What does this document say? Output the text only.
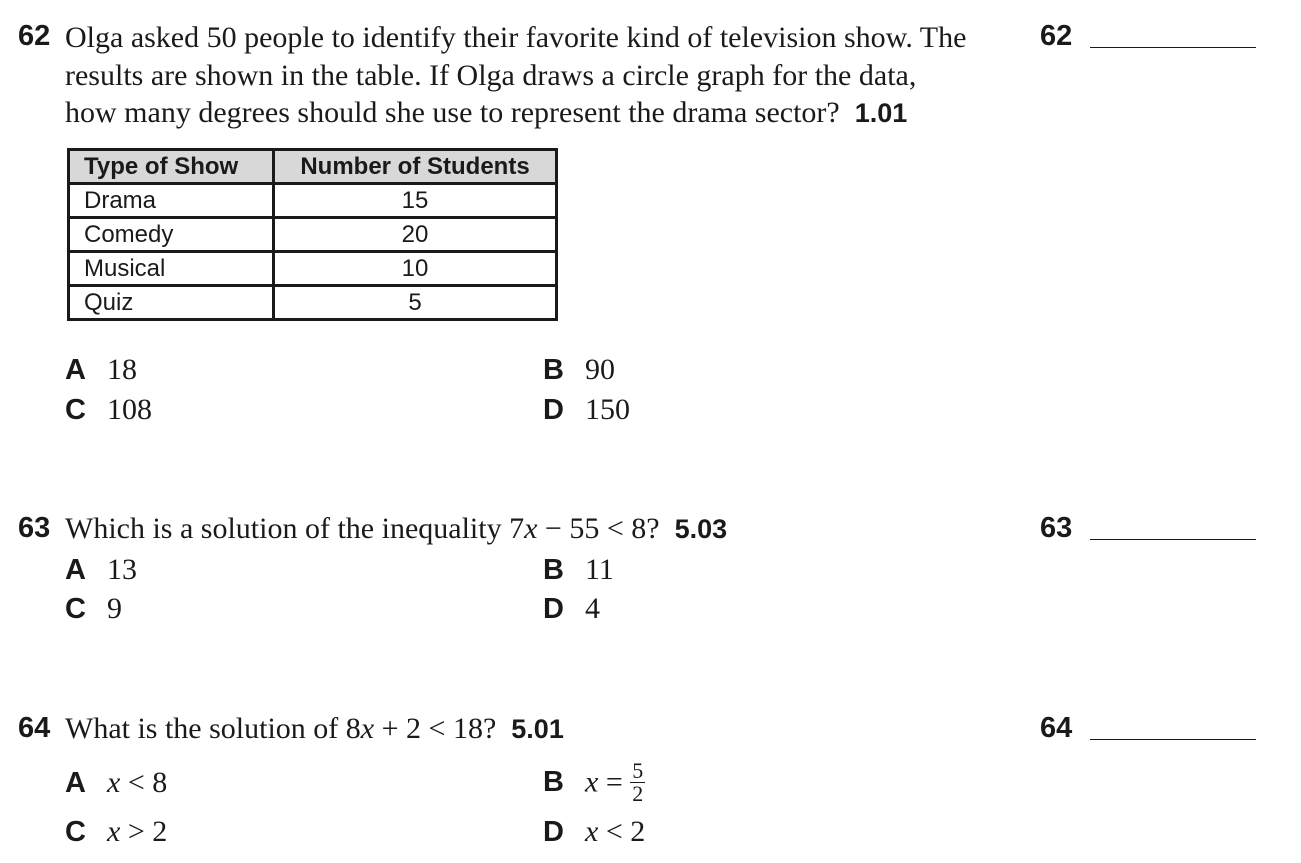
62 Olga asked 50 people to identify their favorite kind of television show. The
results are shown in the table. If Olga draws a circle graph for the data,
how many degrees should she use to represent the drama sector? 1.01
Type of Show	Number of Students
Drama	15
Comedy	20
Musical	10
Quiz	5
A 18	B 90
C 108	D 150
62
63 Which is a solution of the inequality 7x − 55 < 8? 5.03
A 13	B 11
C 9	D 4
63
64 What is the solution of 8x + 2 < 18? 5.01
A x < 8	B $x = \frac{5}{2}$
C x > 2	D x < 2
64
